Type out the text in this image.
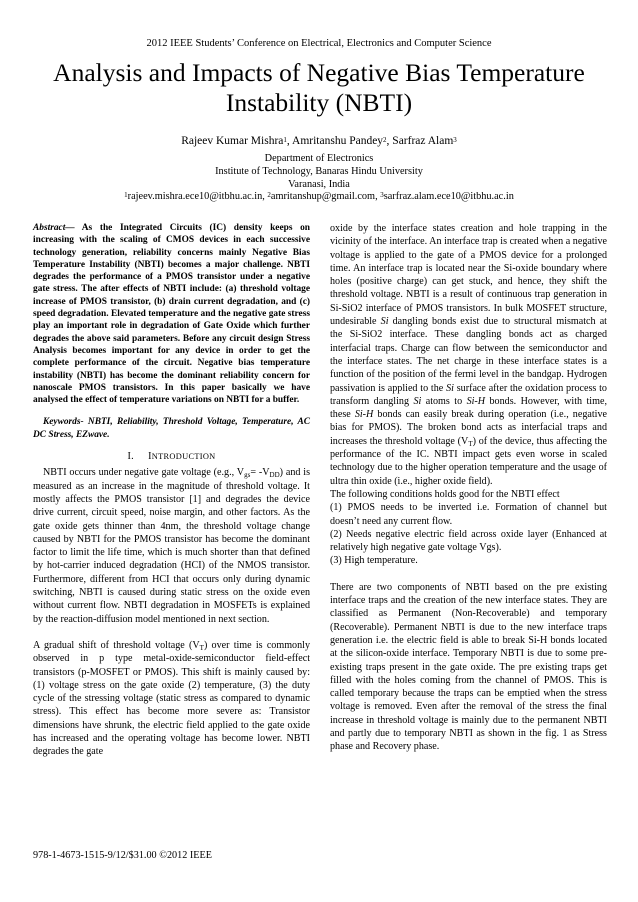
2012 IEEE Students’ Conference on Electrical, Electronics and Computer Science
Analysis and Impacts of Negative Bias Temperature
Instability (NBTI)
Rajeev Kumar Mishra$^1$, Amritanshu Pandey$^2$, Sarfraz Alam$^3$
Department of Electronics
Institute of Technology, Banaras Hindu University
Varanasi, India
$^1$rajeev.mishra.ece10@itbhu.ac.in, $^2$amritanshup@gmail.com, $^3$sarfraz.alam.ece10@itbhu.ac.in

Abstract— As the Integrated Circuits (IC) density keeps on increasing with the scaling of CMOS devices in each successive technology generation, reliability concerns mainly Negative Bias Temperature Instability (NBTI) becomes a major challenge. NBTI degrades the performance of a PMOS transistor under a negative gate stress. The after effects of NBTI include: (a) threshold voltage increase of PMOS transistor, (b) drain current degradation, and (c) speed degradation. Elevated temperature and the negative gate stress play an important role in degradation of Gate Oxide which further degrades the above said parameters. Before any circuit design Stress Analysis becomes important for any device in order to get the complete performance of the circuit. Negative bias temperature instability (NBTI) has become the dominant reliability concern for nanoscale PMOS transistors. In this paper basically we have analysed the effect of temperature variations on NBTI for a buffer.

Keywords- NBTI, Reliability, Threshold Voltage, Temperature, AC DC Stress, EZwave.

I. INTRODUCTION

NBTI occurs under negative gate voltage (e.g., $V_{gs}= -V_{DD}$) and is measured as an increase in the magnitude of threshold voltage. It mostly affects the PMOS transistor [1] and degrades the device drive current, circuit speed, noise margin, and other factors. As the gate oxide gets thinner than 4nm, the threshold voltage change caused by NBTI for the PMOS transistor has become the dominant factor to limit the life time, which is much shorter than that defined by hot-carrier induced degradation (HCI) of the NMOS transistor. Furthermore, different from HCI that occurs only during dynamic switching, NBTI is caused during static stress on the oxide even without current flow. NBTI degradation in MOSFETs is explained by the reaction-diffusion model mentioned in next section.

A gradual shift of threshold voltage $(V_T)$ over time is commonly observed in p type metal-oxide-semiconductor field-effect transistors (p-MOSFET or PMOS). This shift is mainly caused by: (1) voltage stress on the gate oxide (2) temperature, (3) the duty cycle of the stressing voltage (static stress as compared to dynamic stress). This effect has become more severe as: Transistor dimensions have shrunk, the electric field applied to the gate oxide has increased and the operating voltage has become lower. NBTI degrades the gate

oxide by the interface states creation and hole trapping in the vicinity of the interface. An interface trap is created when a negative voltage is applied to the gate of a PMOS device for a prolonged time. An interface trap is located near the Si-oxide boundary where holes (positive charge) can get stuck, and hence, they shift the threshold voltage. NBTI is a result of continuous trap generation in Si-SiO2 interface of PMOS transistors. In bulk MOSFET structure, undesirable Si dangling bonds exist due to structural mismatch at the Si-SiO2 interface. These dangling bonds act as charged interfacial traps. Charge can flow between the semiconductor and the interface states. The net charge in these interface states is a function of the position of the fermi level in the bandgap. Hydrogen passivation is applied to the Si surface after the oxidation process to transform dangling Si atoms to Si-H bonds. However, with time, these Si-H bonds can easily break during operation (i.e., negative bias for PMOS). The broken bond acts as interfacial traps and increases the threshold voltage $(V_T)$ of the device, thus affecting the performance of the IC. NBTI impact gets even worse in scaled technology due to the higher operation temperature and the usage of ultra thin oxide (i.e., higher oxide field).

The following conditions holds good for the NBTI effect

(1) PMOS needs to be inverted i.e. Formation of channel but doesn’t need any current flow.

(2) Needs negative electric field across oxide layer (Enhanced at relatively high negative gate voltage Vgs).

(3) High temperature.

There are two components of NBTI based on the pre existing interface traps and the creation of the new interface states. They are classified as Permanent (Non-Recoverable) and temporary (Recoverable). Permanent NBTI is due to the new interface traps generation i.e. the electric field is able to break Si-H bonds located at the silicon-oxide interface. Temporary NBTI is due to some pre-existing traps present in the gate oxide. The pre existing traps get filled with the holes coming from the channel of PMOS. This is called temporary because the traps can be emptied when the stress voltage is removed. Even after the removal of the stress the final increase in threshold voltage is mainly due to the permanent NBTI and partly due to temporary NBTI as shown in the fig. 1 as Stress phase and Recovery phase.

978-1-4673-1515-9/12/$31.00 ©2012 IEEE
